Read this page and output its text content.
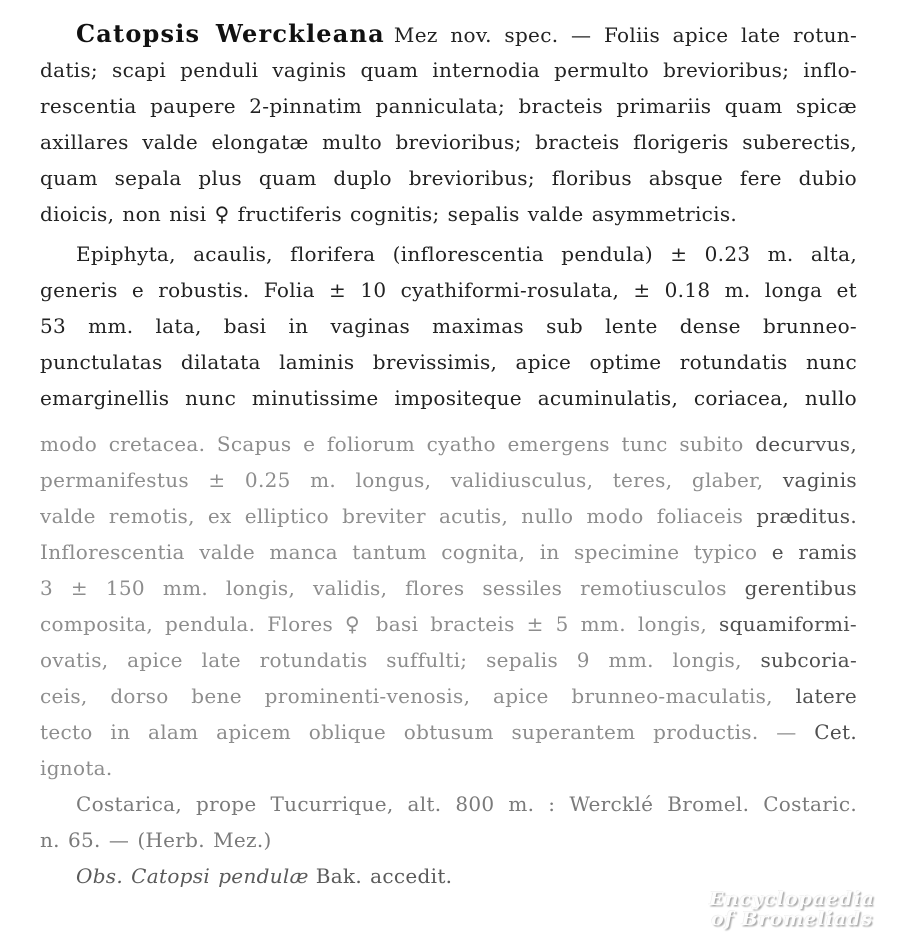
Catopsis Werckleana Mez nov. spec. — Foliis apice late rotun-
datis; scapi penduli vaginis quam internodia permulto brevioribus; inflo-
rescentia paupere 2-pinnatim panniculata; bracteis primariis quam spicæ
axillares valde elongatæ multo brevioribus; bracteis florigeris suberectis,
quam sepala plus quam duplo brevioribus; floribus absque fere dubio
dioicis, non nisi ♀ fructiferis cognitis; sepalis valde asymmetricis.
Epiphyta, acaulis, florifera (inflorescentia pendula) ± 0.23 m. alta,
generis e robustis. Folia ± 10 cyathiformi-rosulata, ± 0.18 m. longa et
53 mm. lata, basi in vaginas maximas sub lente dense brunneo-
punctulatas dilatata laminis brevissimis, apice optime rotundatis nunc
emarginellis nunc minutissime impositeque acuminulatis, coriacea, nullo
modo cretacea. Scapus e foliorum cyatho emergens tunc subito decurvus,
permanifestus ± 0.25 m. longus, validiusculus, teres, glaber, vaginis
valde remotis, ex elliptico breviter acutis, nullo modo foliaceis præditus.
Inflorescentia valde manca tantum cognita, in specimine typico e ramis
3 ± 150 mm. longis, validis, flores sessiles remotiusculos gerentibus
composita, pendula. Flores ♀ basi bracteis ± 5 mm. longis, squamiformi-
ovatis, apice late rotundatis suffulti; sepalis 9 mm. longis, subcoria-
ceis, dorso bene prominenti-venosis, apice brunneo-maculatis, latere
tecto in alam apicem oblique obtusum superantem productis. — Cet.
ignota.
Costarica, prope Tucurrique, alt. 800 m. : Wercklé Bromel. Costaric.
n. 65. — (Herb. Mez.)
Obs. Catopsi pendulæ Bak. accedit.
Encyclopaedia
of Bromeliads
